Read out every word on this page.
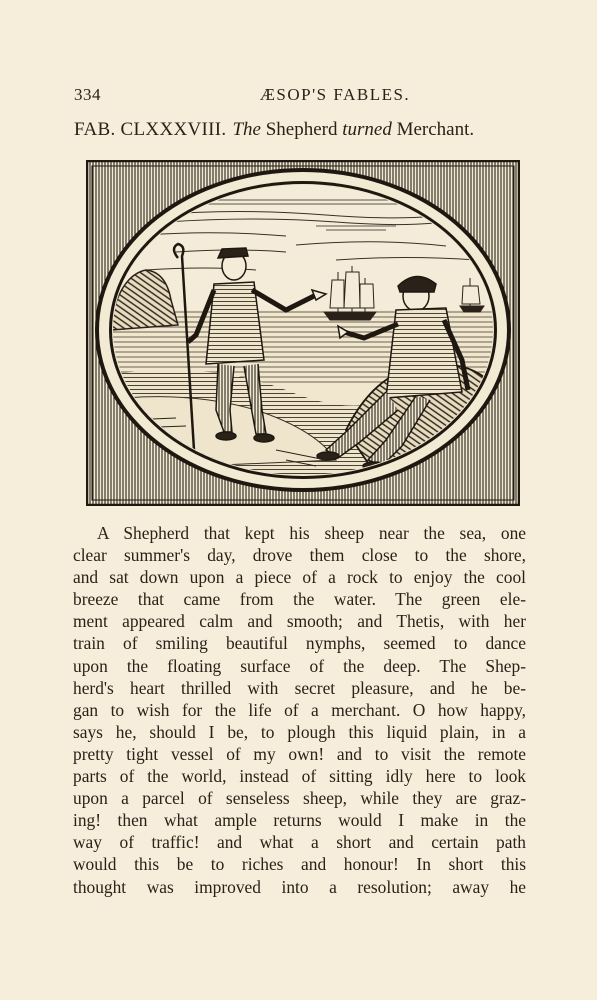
334	ÆSOP'S FABLES.
FAB. CLXXXVIII. The Shepherd turned Merchant.

A Shepherd that kept his sheep near the sea, one
clear summer's day, drove them close to the shore,
and sat down upon a piece of a rock to enjoy the cool
breeze that came from the water. The green ele-
ment appeared calm and smooth; and Thetis, with her
train of smiling beautiful nymphs, seemed to dance
upon the floating surface of the deep. The Shep-
herd's heart thrilled with secret pleasure, and he be-
gan to wish for the life of a merchant. O how happy,
says he, should I be, to plough this liquid plain, in a
pretty tight vessel of my own! and to visit the remote
parts of the world, instead of sitting idly here to look
upon a parcel of senseless sheep, while they are graz-
ing! then what ample returns would I make in the
way of traffic! and what a short and certain path
would this be to riches and honour! In short this
thought was improved into a resolution; away he
